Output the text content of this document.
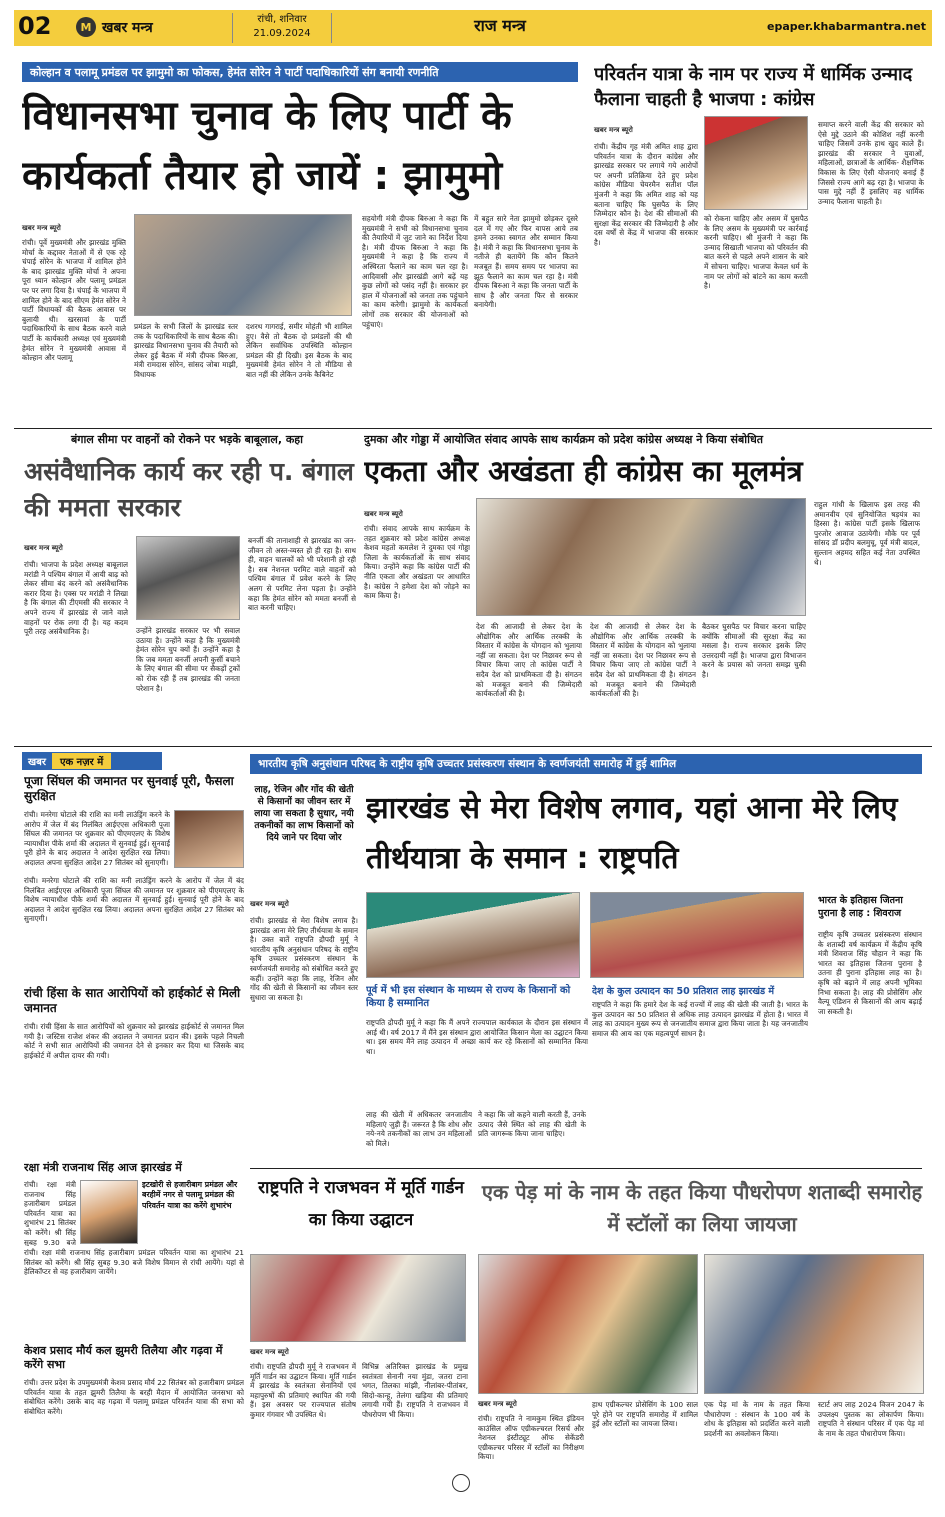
02	M खबर मन्त्र	रांची, शनिवार
21.09.2024	राज मन्त्र	epaper.khabarmantra.net
कोल्हान व पलामू प्रमंडल पर झामुमो का फोकस, हेमंत सोरेन ने पार्टी पदाधिकारियों संग बनायी रणनीति
विधानसभा चुनाव के लिए पार्टी के कार्यकर्ता तैयार हो जायें : झामुमो
खबर मन्त्र ब्यूरो
रांची। पूर्वे मुख्यमंत्री और झारखंड मुक्ति मोर्चा के कद्दावर नेताओं में से एक रहे चंपाई सोरेन के भाजपा में शामिल होने के बाद झारखंड मुक्ति मोर्चा ने अपना पूरा ध्यान कोल्हान और पलामू प्रमंडल पर पर लगा दिया है। चंपाई के भाजपा में शामिल होने के बाद सीएम हेमंत सोरेन ने पार्टी विधायकों की बैठक आवास पर बुलायी थी। खरसावां के पार्टी पदाधिकारियों के साथ बैठक करने वाले पार्टी के कार्यकारी अध्यक्ष एवं मुख्यमंत्री हेमंत सोरेन ने मुख्यमंत्री आवास में कोल्हान और पलामू
प्रमंडल के सभी जिलों के झारखंड स्तर तक के पदाधिकारियों के साथ बैठक की। झारखंड विधानसभा चुनाव की तैयारी को लेकर हुई बैठक में मंत्री दीपक बिरुआ, मंत्री रामदास सोरेन, सांसद जोबा माझी, विधायक
दशरथ गागराई, समीर मोहंती भी शामिल हुए। वैसे तो बैठक दो प्रमंडलों की थी लेकिन सर्वाधिक उपस्थिति कोल्हान प्रमंडल की ही दिखी। इस बैठक के बाद मुख्यमंत्री हेमंत सोरेन ने तो मीडिया से बात नहीं की लेकिन उनके कैबिनेट
सहयोगी मंत्री दीपक बिरुआ ने कहा कि मुख्यमंत्री ने सभी को विधानसभा चुनाव की तैयारियों में जुट जाने का निर्देश दिया है। मंत्री दीपक बिरुआ ने कहा कि मुख्यमंत्री ने कहा है कि राज्य में अस्थिरता फैलाने का काम चल रहा है। आदिवासी और झारखंडी आगे बढ़ें यह कुछ लोगों को पसंद नहीं है। सरकार हर हाल में योजनाओं को जनता तक पहुंचाने का काम करेगी। झामुमो के कार्यकर्ता लोगों तक सरकार की योजनाओं को पहुंचाएं।
में बहुत सारे नेता झामुमो छोड़कर दूसरे दल में गए और फिर वापस आये तब हमने उनका स्वागत और सम्मान किया है। मंत्री ने कहा कि विधानसभा चुनाव के नतीजे ही बतायेंगे कि कौन कितने मजबूत हैं। समय समय पर भाजपा का झूठ फैलाने का काम चल रहा है। मंत्री दीपक बिरुआ ने कहा कि जनता पार्टी के साथ है और जनता फिर से सरकार बनायेगी।
परिवर्तन यात्रा के नाम पर राज्य में धार्मिक उन्माद फैलाना चाहती है भाजपा : कांग्रेस
खबर मन्त्र ब्यूरो
रांची। केंद्रीय गृह मंत्री अमित शाह द्वारा परिवर्तन यात्रा के दौरान कांग्रेस और झारखंड सरकार पर लगाये गये आरोपों पर अपनी प्रतिक्रिया देते हुए प्रदेश कांग्रेस मीडिया चेयरमैन सतीश पॉल मुंजनी ने कहा कि अमित शाह को यह बताना चाहिए कि घुसपैठ के लिए जिम्मेदार कौन है। देश की सीमाओं की सुरक्षा केंद्र सरकार की जिम्मेदारी है और दस वर्षों से केंद्र में भाजपा की सरकार है।
को रोकना चाहिए और असम में घुसपैठ के लिए असम के मुख्यमंत्री पर कार्रवाई करनी चाहिए। श्री मुंजनी ने कहा कि उन्माद सिखाती भाजपा को परिवर्तन की बात करने से पहले अपने शासन के बारे में सोचना चाहिए। भाजपा केवल धर्म के नाम पर लोगों को बांटने का काम करती है।
समाप्त करने वाली केंद्र की सरकार को ऐसे मुद्दे उठाने की कोशिश नहीं करनी चाहिए जिसमें उनके हाथ खुद काले हैं। झारखंड की सरकार ने युवाओं, महिलाओं, छात्राओं के आर्थिक- शैक्षणिक विकास के लिए ऐसी योजनाएं बनाई हैं जिससे राज्य आगे बढ़ रहा है। भाजपा के पास मुद्दे नहीं हैं इसलिए वह धार्मिक उन्माद फैलाना चाहती है।
बंगाल सीमा पर वाहनों को रोकने पर भड़के बाबूलाल, कहा
असंवैधानिक कार्य कर रही प. बंगाल की ममता सरकार
खबर मन्त्र ब्यूरो
रांची। भाजपा के प्रदेश अध्यक्ष बाबूलाल मरांडी ने पश्चिम बंगाल में आयी बाढ़ को लेकर सीमा बंद करने को असंवैधानिक करार दिया है। एक्स पर मरांडी ने लिखा है कि बंगाल की टीएमसी की सरकार ने अपने राज्य में झारखंड से जाने वाले वाहनों पर रोक लगा दी है। यह कदम पूरी तरह असंवैधानिक है।	उन्होंने झारखंड सरकार पर भी सवाल उठाया है। उन्होंने कहा है कि मुख्यमंत्री हेमंत सोरेन चुप क्यों हैं। उन्होंने कहा है कि जब ममता बनर्जी अपनी कुर्सी बचाने के लिए बंगाल की सीमा पर सैकड़ों ट्रकों को रोक रही हैं तब झारखंड की जनता परेशान है।
बनर्जी की तानाशाही से झारखंड का जन-जीवन तो अस्त-व्यस्त हो ही रहा है। साथ ही, वाहन चालकों को भी परेशानी हो रही है। सब नेशनल परमिट वाले वाहनों को पश्चिम बंगाल में प्रवेश करने के लिए अलग से परमिट लेना पड़ता है। उन्होंने कहा कि हेमंत सोरेन को ममता बनर्जी से बात करनी चाहिए।
दुमका और गोड्डा में आयोजित संवाद आपके साथ कार्यक्रम को प्रदेश कांग्रेस अध्यक्ष ने किया संबोधित
एकता और अखंडता ही कांग्रेस का मूलमंत्र
खबर मन्त्र ब्यूरो
रांची। संवाद आपके साथ कार्यक्रम के तहत शुक्रवार को प्रदेश कांग्रेस अध्यक्ष केशव महतो कमलेश ने दुमका एवं गोड्डा जिला के कार्यकर्ताओं के साथ संवाद किया। उन्होंने कहा कि कांग्रेस पार्टी की नीति एकता और अखंडता पर आधारित है। कांग्रेस ने हमेशा देश को जोड़ने का काम किया है।
देश की आजादी से लेकर देश के औद्योगिक और आर्थिक तरक्की के विस्तार में कांग्रेस के योगदान को भुलाया नहीं जा सकता। देश पर निछावर रूप से विचार किया जाए तो कांग्रेस पार्टी ने सदैव देश को प्राथमिकता दी है। संगठन को मजबूत बनाने की जिम्मेदारी कार्यकर्ताओं की है।
देश की आजादी से लेकर देश के औद्योगिक और आर्थिक तरक्की के विस्तार में कांग्रेस के योगदान को भुलाया नहीं जा सकता। देश पर निछावर रूप से विचार किया जाए तो कांग्रेस पार्टी ने सदैव देश को प्राथमिकता दी है। संगठन को मजबूत बनाने की जिम्मेदारी कार्यकर्ताओं की है।
बैठकर घुसपैठ पर विचार करना चाहिए क्योंकि सीमाओं की सुरक्षा केंद्र का मसला है। राज्य सरकार इसके लिए उत्तरदायी नहीं है। भाजपा द्वारा विभाजन करने के प्रयास को जनता समझ चुकी है।
राहुल गांधी के खिलाफ इस तरह की अमानवीय एवं सुनियोजित षड़यंत्र का हिस्सा है। कांग्रेस पार्टी इसके खिलाफ पुरजोर आवाज उठायेगी। मौके पर पूर्व सांसद डॉ प्रदीप बलमुचू, पूर्व मंत्री बादल, सुल्तान अहमद सहित कई नेता उपस्थित थे।
खबर	एक नज़र में
पूजा सिंघल की जमानत पर सुनवाई पूरी, फैसला सुरक्षित
रांची। मनरेगा घोटाले की राशि का मनी लाउंड्रिंग करने के आरोप में जेल में बंद निलंबित आईएएस अधिकारी पूजा सिंघल की जमानत पर शुक्रवार को पीएमएलए के विशेष न्यायाधीश पीके शर्मा की अदालत में सुनवाई हुई। सुनवाई पूरी होने के बाद अदालत ने आदेश सुरक्षित रख लिया। अदालत अपना सुरक्षित आदेश 27 सितंबर को सुनाएगी।
रांची। मनरेगा घोटाले की राशि का मनी लाउंड्रिंग करने के आरोप में जेल में बंद निलंबित आईएएस अधिकारी पूजा सिंघल की जमानत पर शुक्रवार को पीएमएलए के विशेष न्यायाधीश पीके शर्मा की अदालत में सुनवाई हुई। सुनवाई पूरी होने के बाद अदालत ने आदेश सुरक्षित रख लिया। अदालत अपना सुरक्षित आदेश 27 सितंबर को सुनाएगी।
रांची हिंसा के सात आरोपियों को हाईकोर्ट से मिली जमानत
रांची। रांची हिंसा के सात आरोपियों को शुक्रवार को झारखंड हाईकोर्ट से जमानत मिल गयी है। जस्टिस राजेश शंकर की अदालत ने जमानत प्रदान की। इसके पहले निचली कोर्ट ने सभी सात आरोपियों की जमानत देने से इनकार कर दिया था जिसके बाद हाईकोर्ट में अपील दायर की गयी।
रक्षा मंत्री राजनाथ सिंह आज झारखंड में
रांची। रक्षा मंत्री राजनाथ सिंह हजारीबाग प्रमंडल परिवर्तन यात्रा का शुभारंभ 21 सितंबर को करेंगे। श्री सिंह सुबह 9.30 बजे
इटखोरी से हजारीबाग प्रमंडल और बरहीमें नगर से पलामू प्रमंडल की परिवर्तन यात्रा का करेंगे शुभारंभ
रांची। रक्षा मंत्री राजनाथ सिंह हजारीबाग प्रमंडल परिवर्तन यात्रा का शुभारंभ 21 सितंबर को करेंगे। श्री सिंह सुबह 9.30 बजे विशेष विमान से रांची आयेंगे। यहां से हेलिकॉप्टर से वह हजारीबाग जायेंगे।
केशव प्रसाद मौर्य कल झुमरी तिलैया और गढ़वा में करेंगे सभा
रांची। उत्तर प्रदेश के उपमुख्यमंत्री केशव प्रसाद मौर्य 22 सितंबर को हजारीबाग प्रमंडल परिवर्तन यात्रा के तहत झुमरी तिलैया के बरही मैदान में आयोजित जनसभा को संबोधित करेंगे। उसके बाद वह गढ़वा में पलामू प्रमंडल परिवर्तन यात्रा की सभा को संबोधित करेंगे।
भारतीय कृषि अनुसंधान परिषद के राष्ट्रीय कृषि उच्चतर प्रसंस्करण संस्थान के स्वर्णजयंती समारोह में हुई शामिल
लाह, रेजिन और गोंद की खेती से किसानों का जीवन स्तर में लाया जा सकता है सुधार, नयी तकनीकों का लाभ किसानों को दिये जाने पर दिया जोर
झारखंड से मेरा विशेष लगाव, यहां आना मेरे लिए तीर्थयात्रा के समान : राष्ट्रपति
खबर मन्त्र ब्यूरो
रांची। झारखंड से मेरा विशेष लगाव है। झारखंड आना मेरे लिए तीर्थयात्रा के समान है। उक्त बातें राष्ट्रपति द्रौपदी मुर्मू ने भारतीय कृषि अनुसंधान परिषद के राष्ट्रीय कृषि उच्चतर प्रसंस्करण संस्थान के स्वर्णजयंती समारोह को संबोधित करते हुए कहीं। उन्होंने कहा कि लाह, रेजिन और गोंद की खेती से किसानों का जीवन स्तर सुधारा जा सकता है।
पूर्व में भी इस संस्थान के माध्यम से राज्य के किसानों को किया है सम्मानित
राष्ट्रपति द्रौपदी मुर्मू ने कहा कि मैं अपने राज्यपाल कार्यकाल के दौरान इस संस्थान में आई थी। वर्ष 2017 में मैंने इस संस्थान द्वारा आयोजित किसान मेला का उद्घाटन किया था। इस समय मैंने लाह उत्पादन में अच्छा कार्य कर रहे किसानों को सम्मानित किया था।
देश के कुल उत्पादन का 50 प्रतिशत लाह झारखंड में
राष्ट्रपति ने कहा कि हमारे देश के कई राज्यों में लाह की खेती की जाती है। भारत के कुल उत्पादन का 50 प्रतिशत से अधिक लाह उत्पादन झारखंड में होता है। भारत में लाह का उत्पादन मुख्य रूप से जनजातीय समाज द्वारा किया जाता है। यह जनजातीय समाज की आय का एक महत्वपूर्ण साधन है।
लाह की खेती में अधिकतर जनजातीय महिलाएं जुड़ी हैं। जरूरत है कि शोध और नये-नये तकनीकों का लाभ उन महिलाओं को मिले।
ने कहा कि जो कहने वाली करती हैं, उनके उत्पाद जैसे स्थित को लाह की खेती के प्रति जागरूक किया जाना चाहिए।
भारत के इतिहास जितना पुराना है लाह : शिवराज
राष्ट्रीय कृषि उच्चतर प्रसंस्करण संस्थान के शताब्दी वर्ष कार्यक्रम में केंद्रीय कृषि मंत्री शिवराज सिंह चौहान ने कहा कि भारत का इतिहास जितना पुराना है उतना ही पुराना इतिहास लाह का है। कृषि को बढ़ाने में लाह अपनी भूमिका निभा सकता है। लाह की प्रोसेसिंग और वैल्यू एडिशन से किसानों की आय बढ़ाई जा सकती है।
राष्ट्रपति ने राजभवन में मूर्ति गार्डन का किया उद्घाटन
खबर मन्त्र ब्यूरो
रांची। राष्ट्रपति द्रौपदी मुर्मू ने राजभवन में मूर्ति गार्डन का उद्घाटन किया। मूर्ति गार्डन में झारखंड के स्वतंत्रता सेनानियों एवं महापुरुषों की प्रतिमाएं स्थापित की गयी हैं। इस अवसर पर राज्यपाल संतोष कुमार गंगवार भी उपस्थित थे।
विभिन्न अतिरिक्त झारखंड के प्रमुख स्वतंत्रता सेनानी नया मुंडा, जतरा टाना भगत, तिलका मांझी, नीलांबर-पीतांबर, सिदो-कान्हू, तेलंगा खड़िया की प्रतिमाएं लगायी गयी हैं। राष्ट्रपति ने राजभवन में पौधरोपण भी किया।
एक पेड़ मां के नाम के तहत किया पौधरोपण शताब्दी समारोह में स्टॉलों का लिया जायजा
खबर मन्त्र ब्यूरो
रांची। राष्ट्रपति ने नामकुम स्थित इंडियन काउंसिल ऑफ एग्रीकल्चरल रिसर्च और नेशनल इंस्टीट्यूट ऑफ सेकेंडरी एग्रीकल्चर परिसर में स्टॉलों का निरीक्षण किया।
हाथ एग्रीकल्चर प्रोसेसिंग के 100 साल पूरे होने पर राष्ट्रपति समारोह में शामिल हुई और स्टॉलों का जायजा लिया।
एक पेड़ मां के नाम के तहत किया पौधारोपण : संस्थान के 100 वर्ष के शोध के इतिहास को प्रदर्शित करने वाली प्रदर्शनी का अवलोकन किया।
स्टार्ट अप लाह 2024 विजन 2047 के उपलक्ष्य पुस्तक का लोकार्पण किया। राष्ट्रपति ने संस्थान परिसर में एक पेड़ मां के नाम के तहत पौधारोपण किया।
